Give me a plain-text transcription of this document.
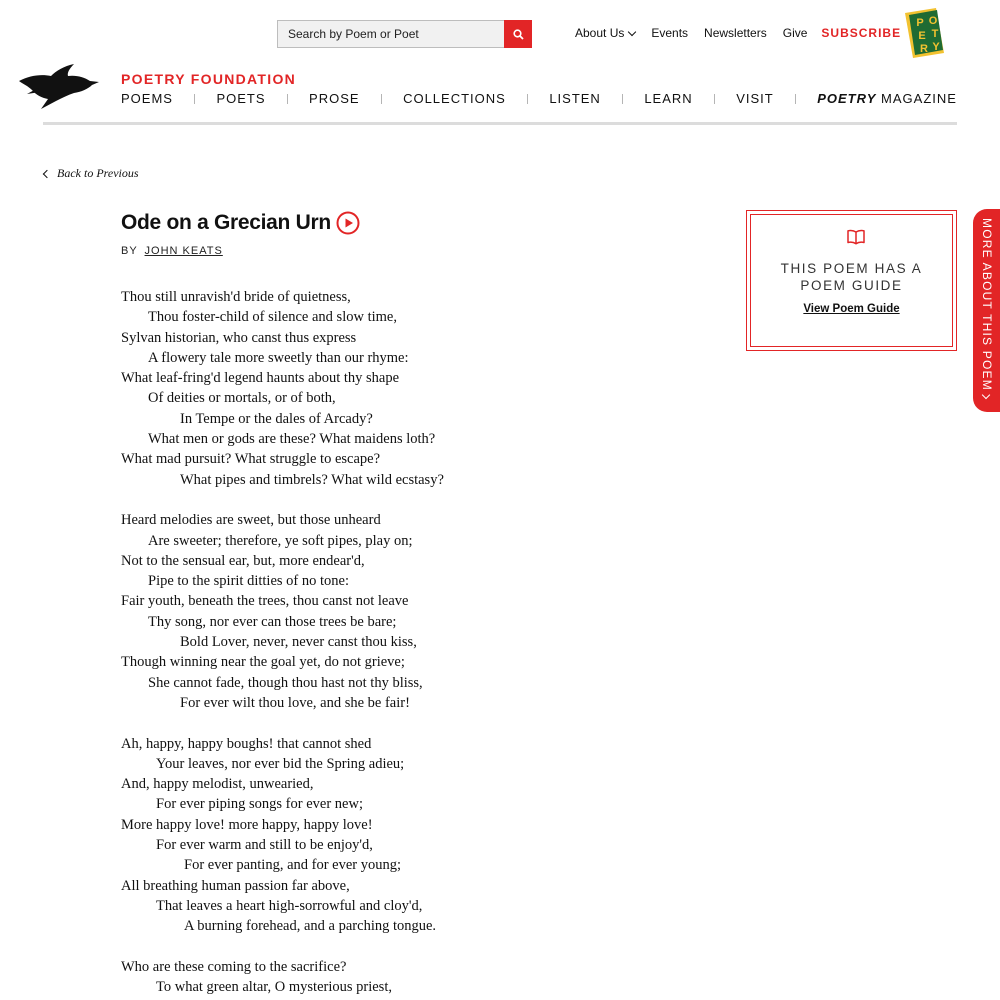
Search by Poem or Poet
About Us	Events Newsletters Give SUBSCRIBE
P O
E T
R Y
POETRY FOUNDATION
POEMS	POETS	PROSE	COLLECTIONS	LISTEN	LEARN	VISIT	POETRY MAGAZINE
Back to Previous
Ode on a Grecian Urn
BY JOHN KEATS
Thou still unravish'd bride of quietness,
Thou foster-child of silence and slow time,
Sylvan historian, who canst thus express
A flowery tale more sweetly than our rhyme:
What leaf-fring'd legend haunts about thy shape
Of deities or mortals, or of both,
In Tempe or the dales of Arcady?
What men or gods are these? What maidens loth?
What mad pursuit? What struggle to escape?
What pipes and timbrels? What wild ecstasy?
Heard melodies are sweet, but those unheard
Are sweeter; therefore, ye soft pipes, play on;
Not to the sensual ear, but, more endear'd,
Pipe to the spirit ditties of no tone:
Fair youth, beneath the trees, thou canst not leave
Thy song, nor ever can those trees be bare;
Bold Lover, never, never canst thou kiss,
Though winning near the goal yet, do not grieve;
She cannot fade, though thou hast not thy bliss,
For ever wilt thou love, and she be fair!
Ah, happy, happy boughs! that cannot shed
Your leaves, nor ever bid the Spring adieu;
And, happy melodist, unwearied,
For ever piping songs for ever new;
More happy love! more happy, happy love!
For ever warm and still to be enjoy'd,
For ever panting, and for ever young;
All breathing human passion far above,
That leaves a heart high-sorrowful and cloy'd,
A burning forehead, and a parching tongue.
Who are these coming to the sacrifice?
To what green altar, O mysterious priest,
THIS POEM HAS A POEM GUIDE
View Poem Guide	MORE ABOUT THIS POEM
